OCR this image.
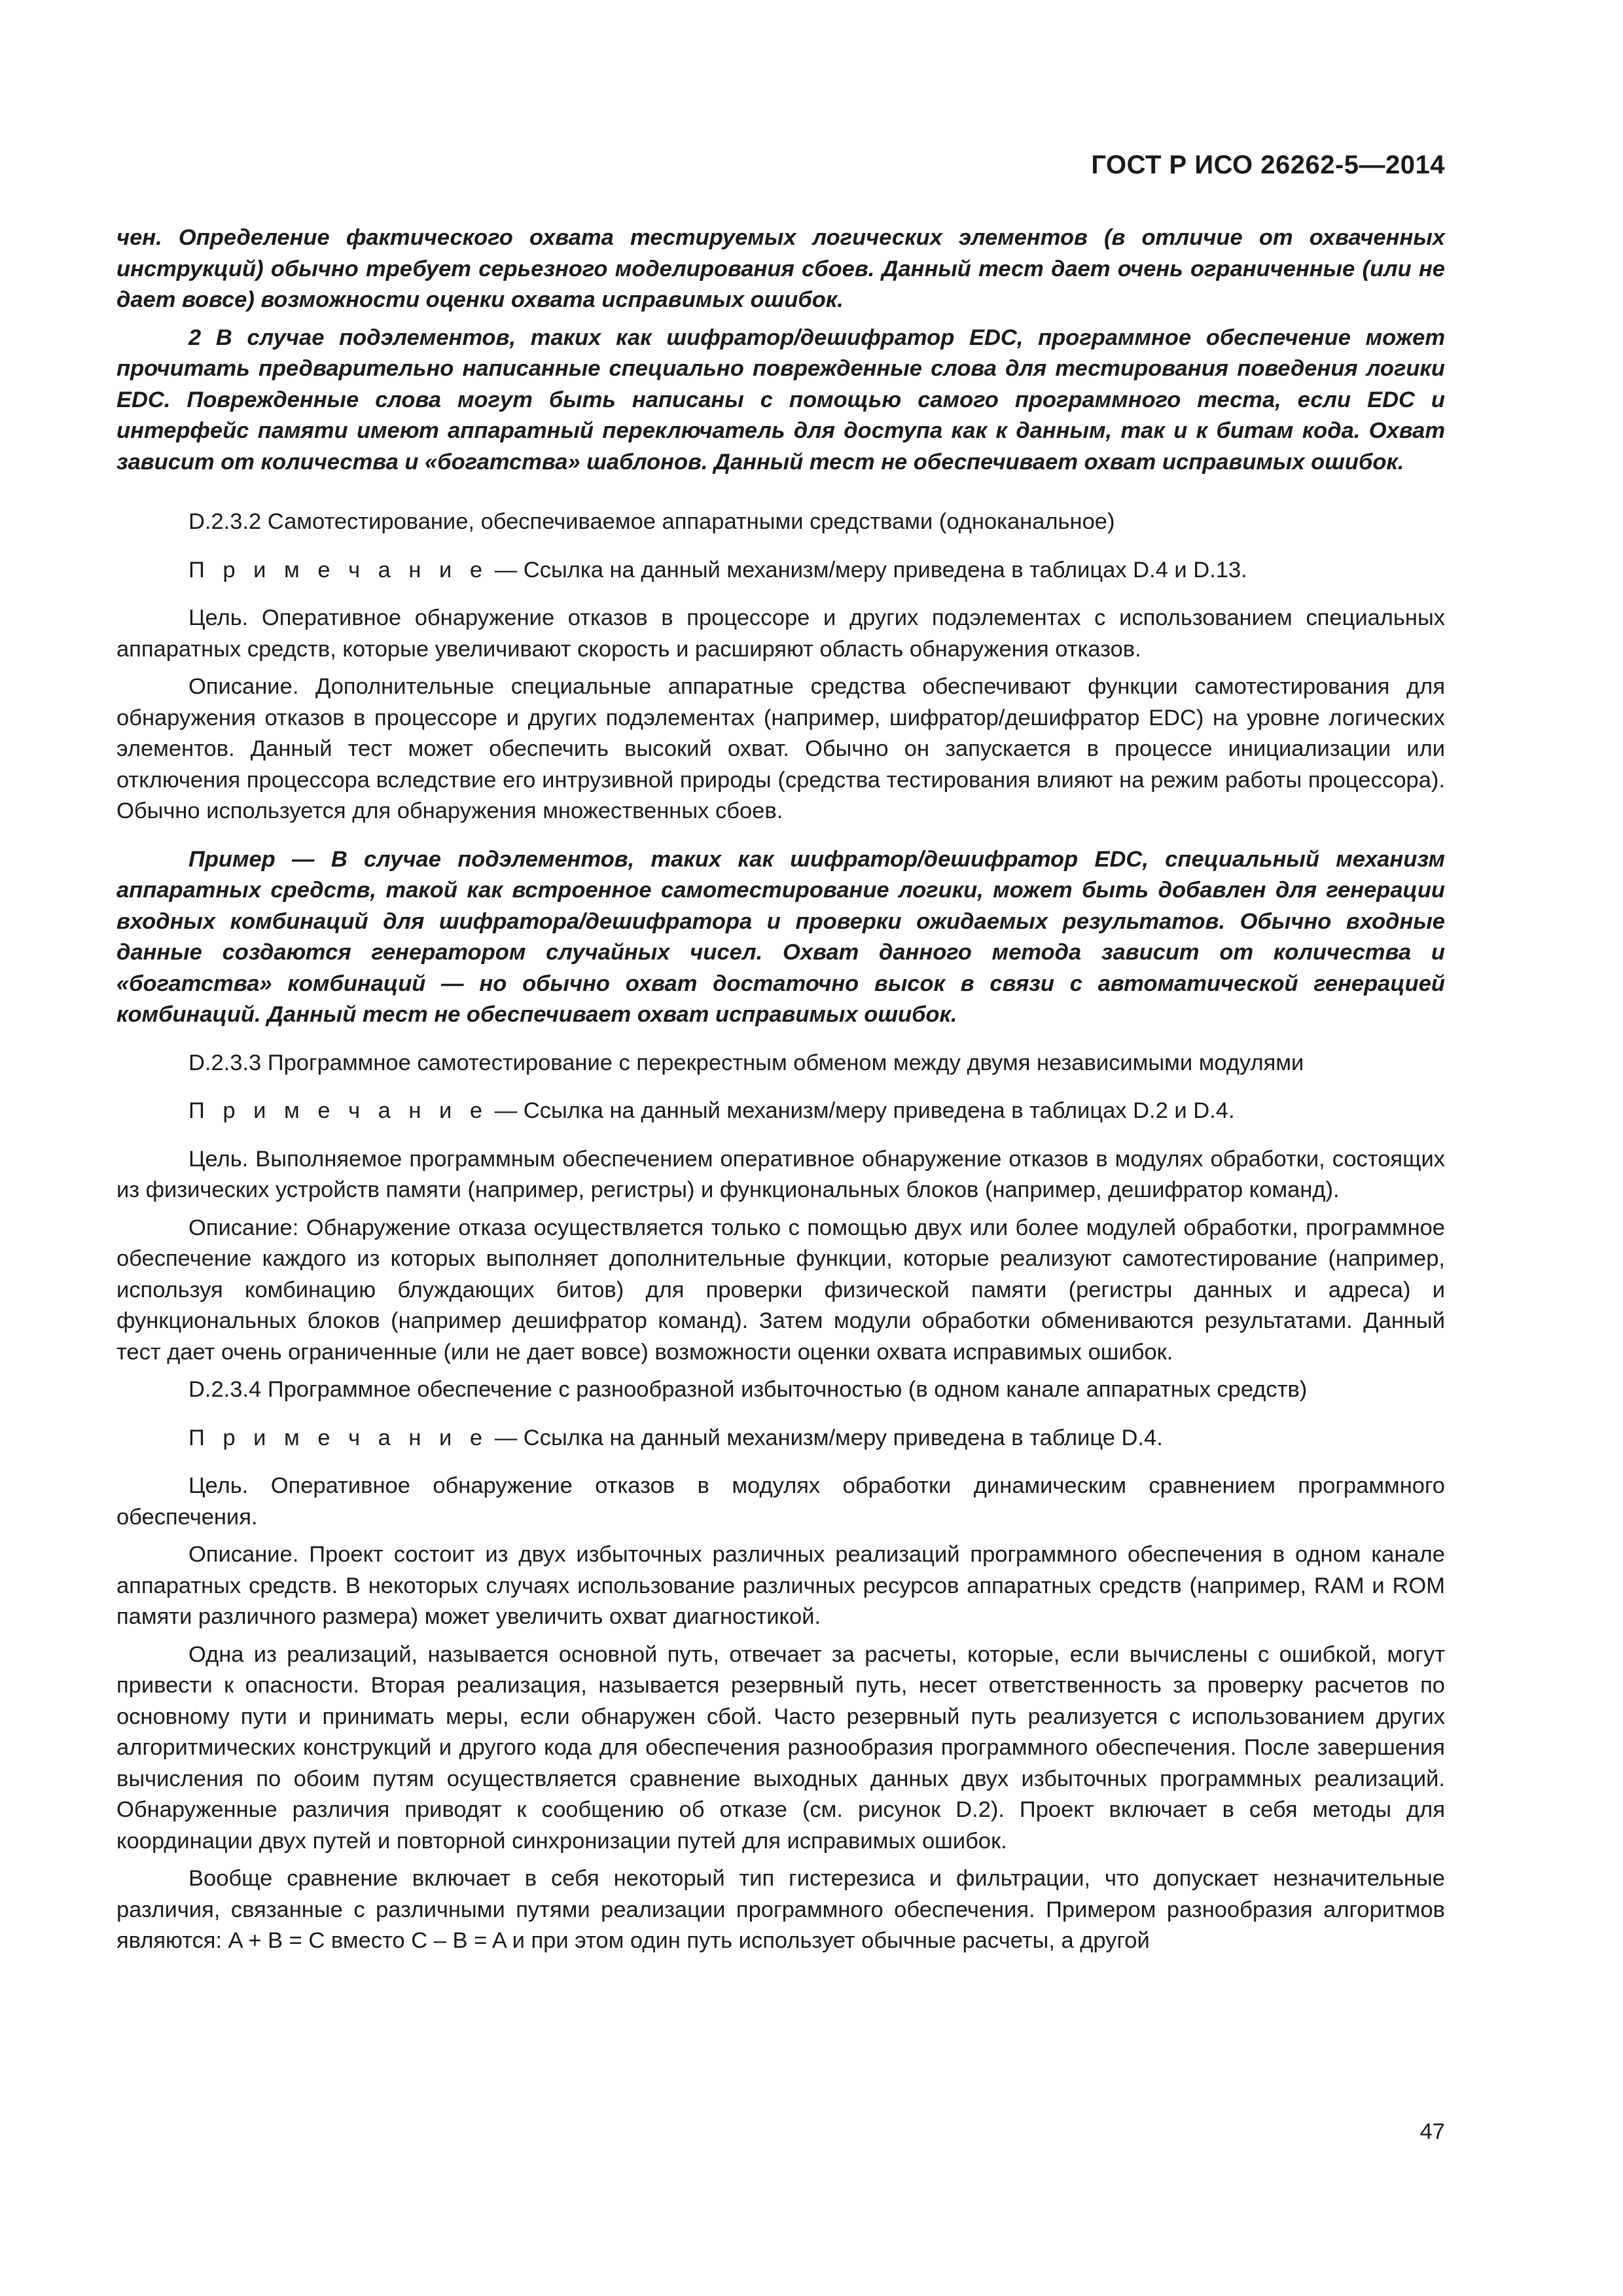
ГОСТ Р ИСО 26262-5—2014

чен. Определение фактического охвата тестируемых логических элементов (в отличие от охваченных инструкций) обычно требует серьезного моделирования сбоев. Данный тест дает очень ограниченные (или не дает вовсе) возможности оценки охвата исправимых ошибок.

2 В случае подэлементов, таких как шифратор/дешифратор EDC, программное обеспечение может прочитать предварительно написанные специально поврежденные слова для тестирования поведения логики EDC. Поврежденные слова могут быть написаны с помощью самого программного теста, если EDC и интерфейс памяти имеют аппаратный переключатель для доступа как к данным, так и к битам кода. Охват зависит от количества и «богатства» шаблонов. Данный тест не обеспечивает охват исправимых ошибок.

D.2.3.2 Самотестирование, обеспечиваемое аппаратными средствами (одноканальное)

П р и м е ч а н и е — Ссылка на данный механизм/меру приведена в таблицах D.4 и D.13.

Цель. Оперативное обнаружение отказов в процессоре и других подэлементах с использованием специальных аппаратных средств, которые увеличивают скорость и расширяют область обнаружения отказов.

Описание. Дополнительные специальные аппаратные средства обеспечивают функции самотестирования для обнаружения отказов в процессоре и других подэлементах (например, шифратор/дешифратор EDC) на уровне логических элементов. Данный тест может обеспечить высокий охват. Обычно он запускается в процессе инициализации или отключения процессора вследствие его интрузивной природы (средства тестирования влияют на режим работы процессора). Обычно используется для обнаружения множественных сбоев.

Пример — В случае подэлементов, таких как шифратор/дешифратор EDC, специальный механизм аппаратных средств, такой как встроенное самотестирование логики, может быть добавлен для генерации входных комбинаций для шифратора/дешифратора и проверки ожидаемых результатов. Обычно входные данные создаются генератором случайных чисел. Охват данного метода зависит от количества и «богатства» комбинаций — но обычно охват достаточно высок в связи с автоматической генерацией комбинаций. Данный тест не обеспечивает охват исправимых ошибок.

D.2.3.3 Программное самотестирование с перекрестным обменом между двумя независимыми модулями

П р и м е ч а н и е — Ссылка на данный механизм/меру приведена в таблицах D.2 и D.4.

Цель. Выполняемое программным обеспечением оперативное обнаружение отказов в модулях обработки, состоящих из физических устройств памяти (например, регистры) и функциональных блоков (например, дешифратор команд).

Описание: Обнаружение отказа осуществляется только с помощью двух или более модулей обработки, программное обеспечение каждого из которых выполняет дополнительные функции, которые реализуют самотестирование (например, используя комбинацию блуждающих битов) для проверки физической памяти (регистры данных и адреса) и функциональных блоков (например дешифратор команд). Затем модули обработки обмениваются результатами. Данный тест дает очень ограниченные (или не дает вовсе) возможности оценки охвата исправимых ошибок.

D.2.3.4 Программное обеспечение с разнообразной избыточностью (в одном канале аппаратных средств)

П р и м е ч а н и е — Ссылка на данный механизм/меру приведена в таблице D.4.

Цель. Оперативное обнаружение отказов в модулях обработки динамическим сравнением программного обеспечения.

Описание. Проект состоит из двух избыточных различных реализаций программного обеспечения в одном канале аппаратных средств. В некоторых случаях использование различных ресурсов аппаратных средств (например, RAM и ROM памяти различного размера) может увеличить охват диагностикой.

Одна из реализаций, называется основной путь, отвечает за расчеты, которые, если вычислены с ошибкой, могут привести к опасности. Вторая реализация, называется резервный путь, несет ответственность за проверку расчетов по основному пути и принимать меры, если обнаружен сбой. Часто резервный путь реализуется с использованием других алгоритмических конструкций и другого кода для обеспечения разнообразия программного обеспечения. После завершения вычисления по обоим путям осуществляется сравнение выходных данных двух избыточных программных реализаций. Обнаруженные различия приводят к сообщению об отказе (см. рисунок D.2). Проект включает в себя методы для координации двух путей и повторной синхронизации путей для исправимых ошибок.

Вообще сравнение включает в себя некоторый тип гистерезиса и фильтрации, что допускает незначительные различия, связанные с различными путями реализации программного обеспечения. Примером разнообразия алгоритмов являются: A + B = C вместо C – B = A и при этом один путь использует обычные расчеты, а другой

47
